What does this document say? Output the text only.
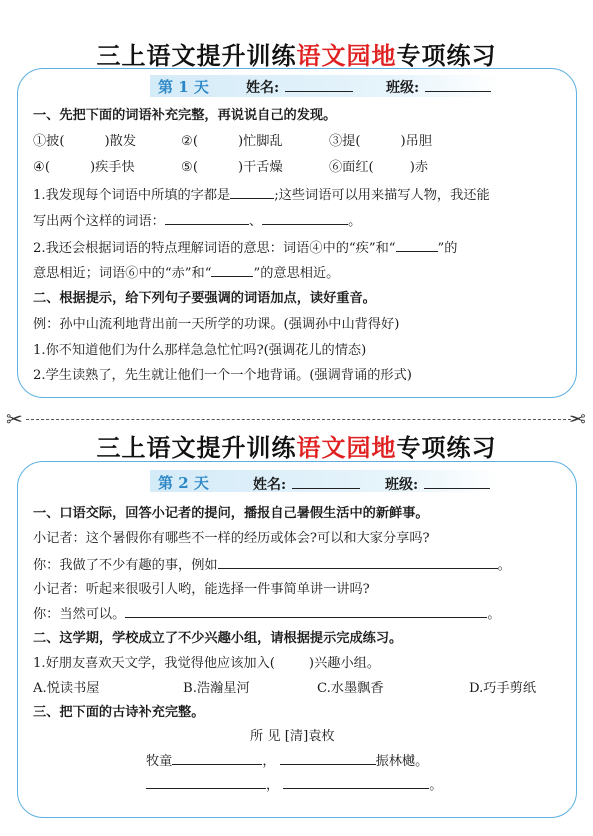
三上语文提升训练语文园地专项练习
第 1 天	姓名:	班级:
一、先把下面的词语补充完整，再说说自己的发现。
①披(	)散发	②(	)忙脚乱	③提(	)吊胆
④(	)疾手快	⑤(	)干舌燥	⑥面红(	)赤
1.我发现每个词语中所填的字都是	;这些词语可以用来描写人物，我还能
写出两个这样的词语：	、	。
2.我还会根据词语的特点理解词语的意思：词语④中的“疾”和“	”的
意思相近；词语⑥中的“赤”和“	”的意思相近。
二、根据提示，给下列句子要强调的词语加点，读好重音。
例：孙中山流利地背出前一天所学的功课。(强调孙中山背得好)
1.你不知道他们为什么那样急急忙忙吗?(强调花儿的情态)
2.学生读熟了，先生就让他们一个一个地背诵。(强调背诵的形式)
✂	✂
三上语文提升训练语文园地专项练习
第 2 天	姓名:	班级:
一、口语交际，回答小记者的提问，播报自己暑假生活中的新鲜事。
小记者：这个暑假你有哪些不一样的经历或体会?可以和大家分享吗?
你：我做了不少有趣的事，例如	。
小记者：听起来很吸引人哟，能选择一件事简单讲一讲吗?
你：当然可以。	。
二、这学期，学校成立了不少兴趣小组，请根据提示完成练习。
1.好朋友喜欢天文学，我觉得他应该加入(	)兴趣小组。
A.悦读书屋	B.浩瀚星河	C.水墨飘香	D.巧手剪纸
三、把下面的古诗补充完整。
所 见 [清]袁枚
牧童	，	振林樾。
，	。
